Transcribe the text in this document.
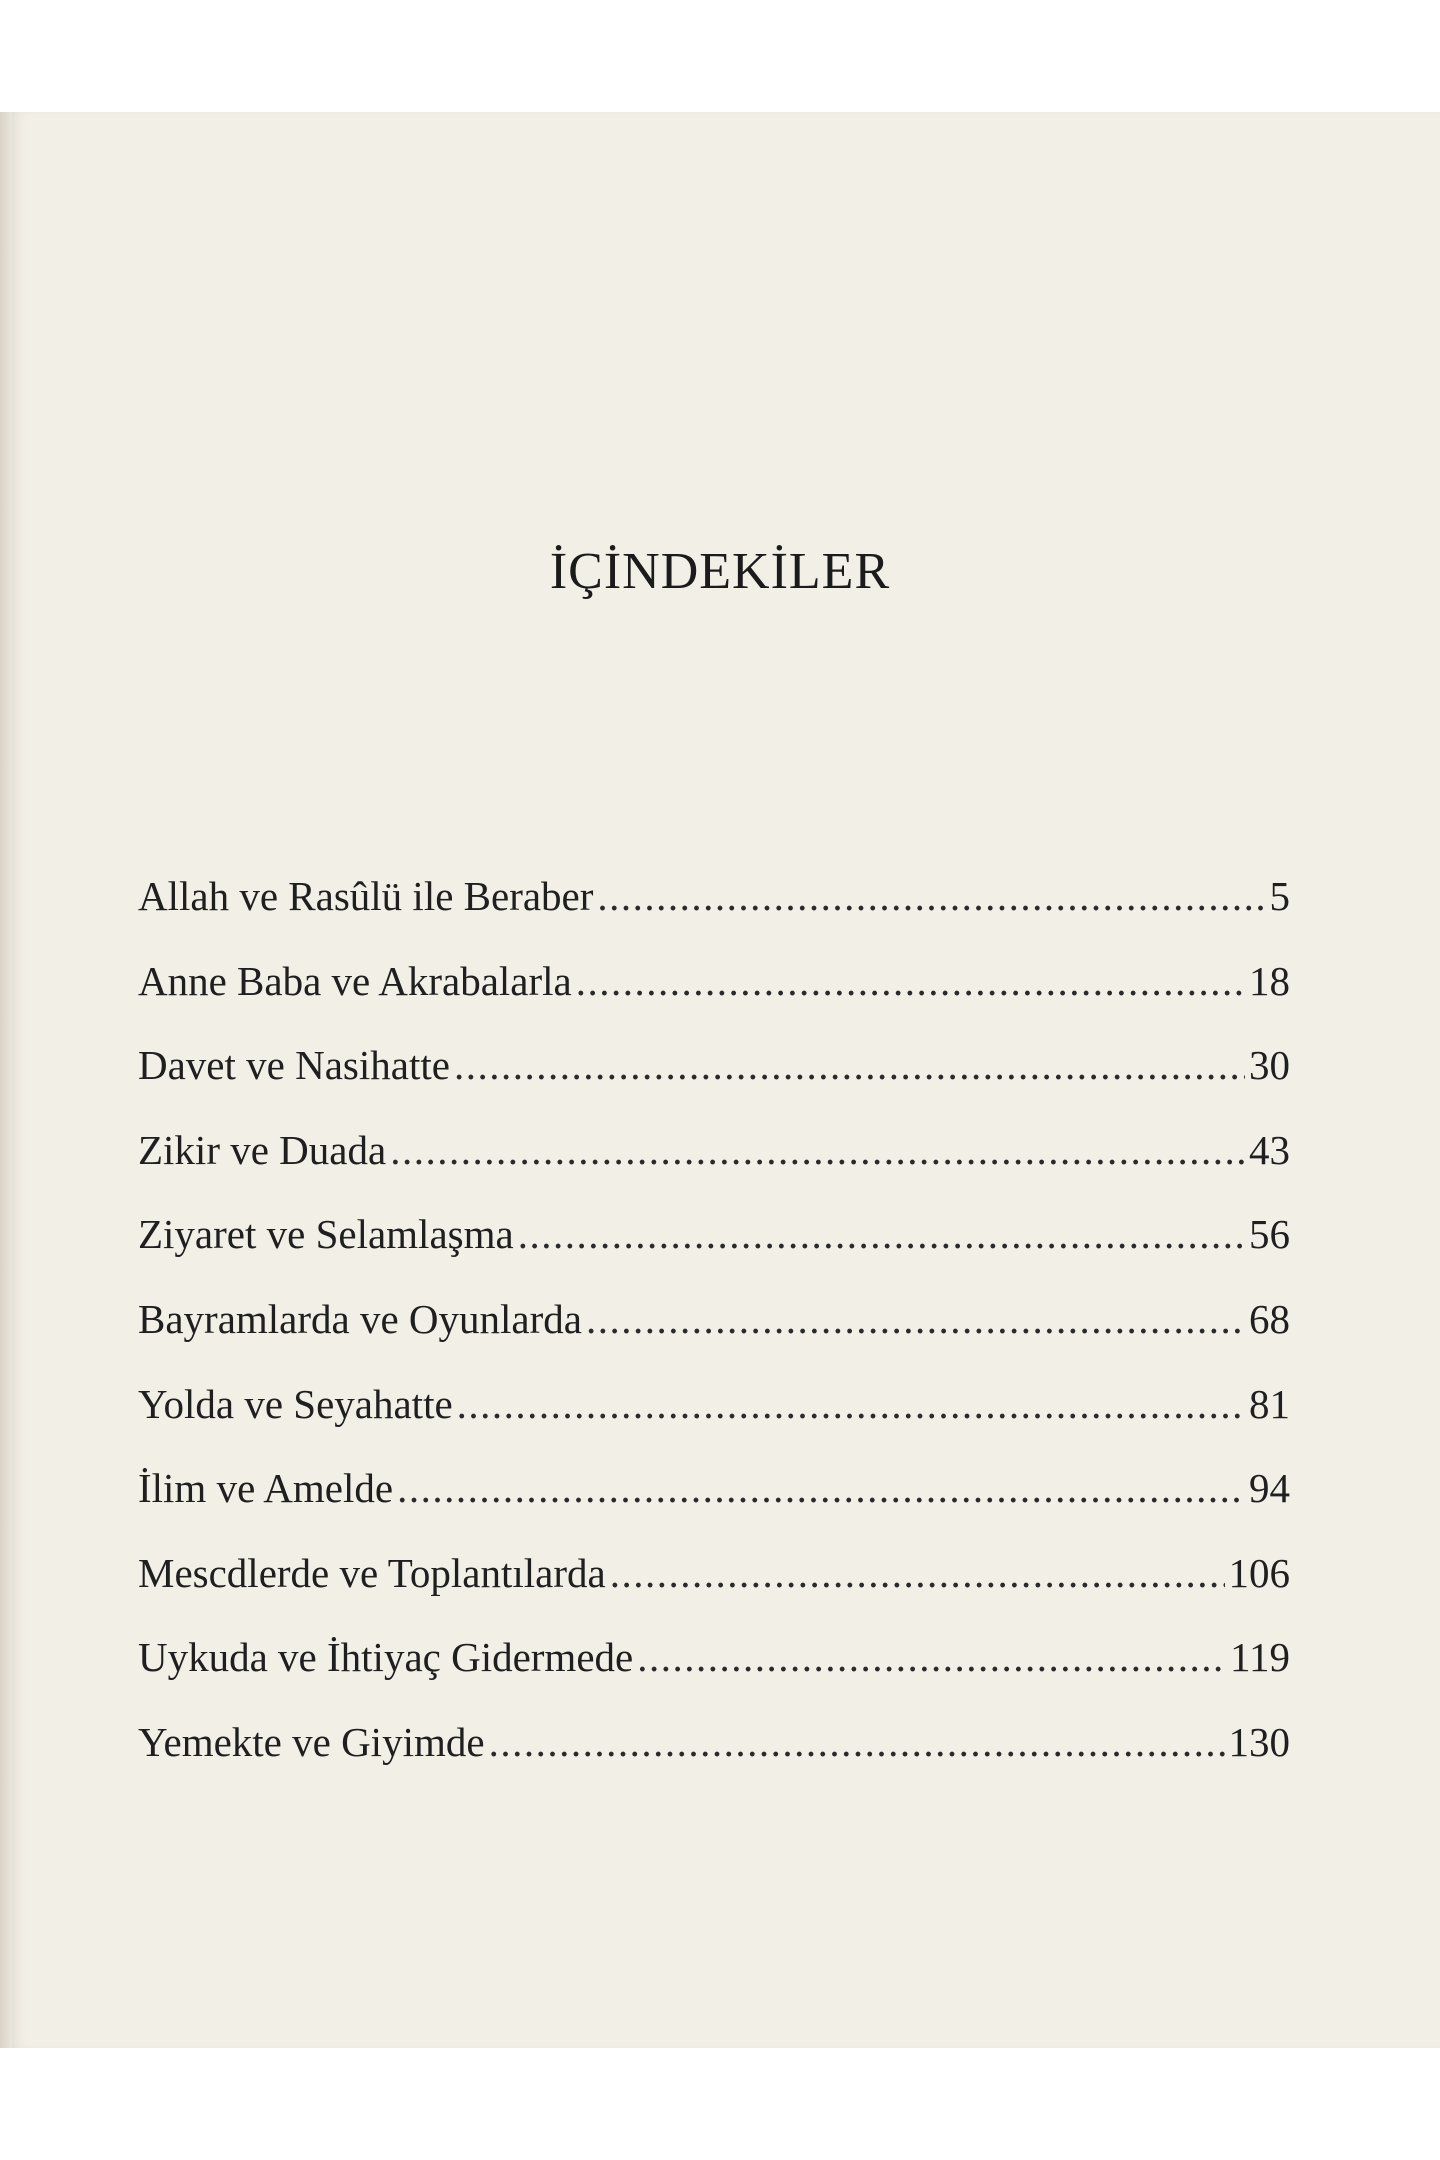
İÇİNDEKİLER
Allah ve Rasûlü ile Beraber .....	5
Anne Baba ve Akrabalarla .....	18
Davet ve Nasihatte .....	30
Zikir ve Duada .....	43
Ziyaret ve Selamlaşma .....	56
Bayramlarda ve Oyunlarda .....	68
Yolda ve Seyahatte .....	81
İlim ve Amelde .....	94
Mescdlerde ve Toplantılarda .....	106
Uykuda ve İhtiyaç Gidermede .....	119
Yemekte ve Giyimde .....	130
